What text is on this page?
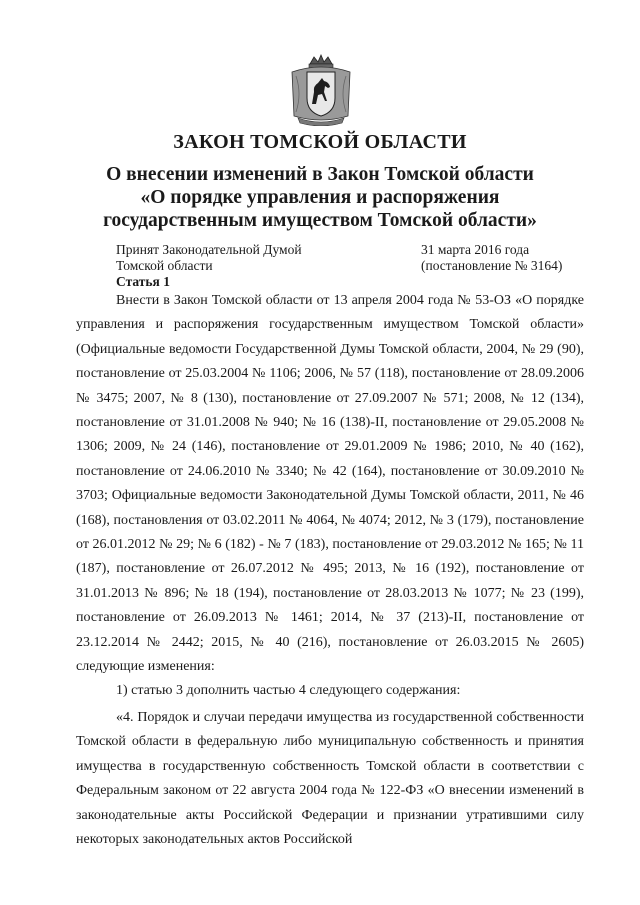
ЗАКОН ТОМСКОЙ ОБЛАСТИ
О внесении изменений в Закон Томской области
«О порядке управления и распоряжения
государственным имуществом Томской области»
Принят Законодательной Думой
Томской области
31 марта 2016 года
(постановление № 3164)
Статья 1
Внести в Закон Томской области от 13 апреля 2004 года № 53-ОЗ «О порядке управления и распоряжения государственным имуществом Томской области» (Официальные ведомости Государственной Думы Томской области, 2004, № 29 (90), постановление от 25.03.2004 № 1106; 2006, № 57 (118), постановление от 28.09.2006 № 3475; 2007, № 8 (130), постановление от 27.09.2007 № 571; 2008, № 12 (134), постановление от 31.01.2008 № 940; № 16 (138)-II, постановление от 29.05.2008 № 1306; 2009, № 24 (146), постановление от 29.01.2009 № 1986; 2010, № 40 (162), постановление от 24.06.2010 № 3340; № 42 (164), постановление от 30.09.2010 № 3703; Официальные ведомости Законодательной Думы Томской области, 2011, № 46 (168), постановления от 03.02.2011 № 4064, № 4074; 2012, № 3 (179), постановление от 26.01.2012 № 29; № 6 (182) - № 7 (183), постановление от 29.03.2012 № 165; № 11 (187), постановление от 26.07.2012 № 495; 2013, № 16 (192), постановление от 31.01.2013 № 896; № 18 (194), постановление от 28.03.2013 № 1077; № 23 (199), постановление от 26.09.2013 № 1461; 2014, № 37 (213)-II, постановление от 23.12.2014 № 2442; 2015, № 40 (216), постановление от 26.03.2015 № 2605) следующие изменения:
1) статью 3 дополнить частью 4 следующего содержания:
«4. Порядок и случаи передачи имущества из государственной собственности Томской области в федеральную либо муниципальную собственность и принятия имущества в государственную собственность Томской области в соответствии с Федеральным законом от 22 августа 2004 года № 122-ФЗ «О внесении изменений в законодательные акты Российской Федерации и признании утратившими силу некоторых законодательных актов Российской
